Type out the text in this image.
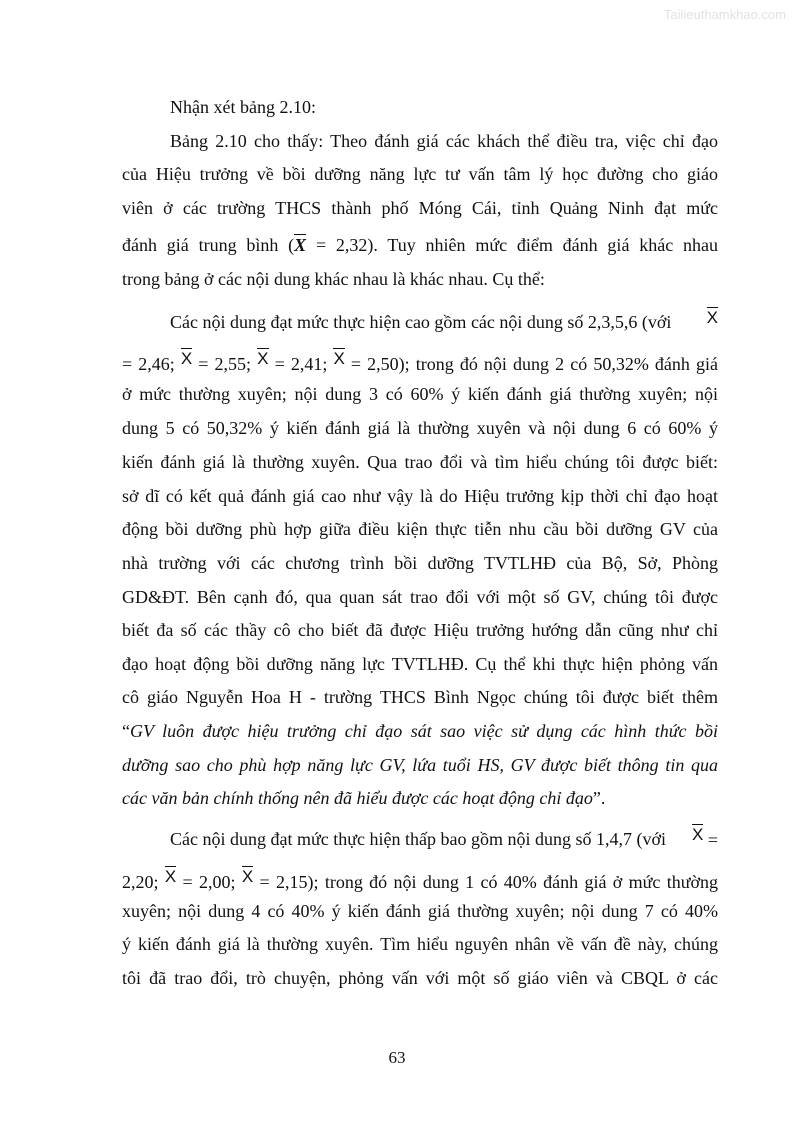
Tailieuthamkhao.com
Nhận xét bảng 2.10:
Bảng 2.10 cho thấy: Theo đánh giá các khách thể điều tra, việc chỉ đạo
của Hiệu trưởng về bồi dưỡng năng lực tư vấn tâm lý học đường cho giáo
viên ở các trường THCS thành phố Móng Cái, tỉnh Quảng Ninh đạt mức
đánh giá trung bình (X = 2,32). Tuy nhiên mức điểm đánh giá khác nhau
trong bảng ở các nội dung khác nhau là khác nhau. Cụ thể:
Các nội dung đạt mức thực hiện cao gồm các nội dung số 2,3,5,6 (với X
= 2,46; X = 2,55; X = 2,41; X = 2,50); trong đó nội dung 2 có 50,32% đánh giá
ở mức thường xuyên; nội dung 3 có 60% ý kiến đánh giá thường xuyên; nội
dung 5 có 50,32% ý kiến đánh giá là thường xuyên và nội dung 6 có 60% ý
kiến đánh giá là thường xuyên. Qua trao đổi và tìm hiểu chúng tôi được biết:
sở dĩ có kết quả đánh giá cao như vậy là do Hiệu trưởng kịp thời chỉ đạo hoạt
động bồi dưỡng phù hợp giữa điều kiện thực tiễn nhu cầu bồi dưỡng GV của
nhà trường với các chương trình bồi dưỡng TVTLHĐ của Bộ, Sở, Phòng
GD&ĐT. Bên cạnh đó, qua quan sát trao đổi với một số GV, chúng tôi được
biết đa số các thầy cô cho biết đã được Hiệu trưởng hướng dẫn cũng như chỉ
đạo hoạt động bồi dưỡng năng lực TVTLHĐ. Cụ thể khi thực hiện phỏng vấn
cô giáo Nguyễn Hoa H - trường THCS Bình Ngọc chúng tôi được biết thêm
“GV luôn được hiệu trưởng chỉ đạo sát sao việc sử dụng các hình thức bồi
dưỡng sao cho phù hợp năng lực GV, lứa tuổi HS, GV được biết thông tin qua
các văn bản chính thống nên đã hiểu được các hoạt động chỉ đạo”.
Các nội dung đạt mức thực hiện thấp bao gồm nội dung số 1,4,7 (với X =
2,20; X = 2,00; X = 2,15); trong đó nội dung 1 có 40% đánh giá ở mức thường
xuyên; nội dung 4 có 40% ý kiến đánh giá thường xuyên; nội dung 7 có 40%
ý kiến đánh giá là thường xuyên. Tìm hiểu nguyên nhân về vấn đề này, chúng
tôi đã trao đổi, trò chuyện, phỏng vấn với một số giáo viên và CBQL ở các
63
